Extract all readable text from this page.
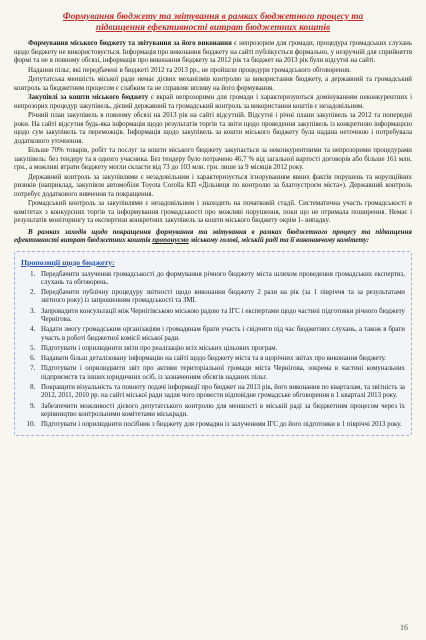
Формування бюджету та звітування в рамках бюджетного процесу та
підвищення ефективності витрат бюджетних коштів

Формування міського бюджету та звітування за його виконання є непрозорим для громади, процедура громадських слухань щодо бюджету не використовується. Інформація про виконання бюджету на сайті публікується формально, у незручній для сприйняття формі та не в повному обсязі, інформація про виконання бюджету за 2012 рік та бюджет на 2013 рік були відсутні на сайті.

Надання пільг, які передбачені в бюджеті 2012 та 2013 рр., не пройшли процедури громадського обговорення.

Депутатська меншість міської ради немає дієвих механізмів контролю за використання бюджету, а державний та громадський контроль за бюджетним процесом є слабким та не справляє впливу на його формування.

Закупівлі за кошти міського бюджету є вкрай непрозорими для громади і характеризуються домінуванням неконкурентних і непрозорих процедур закупівель, дієвий державний та громадський контроль за використання коштів є незадовільним.

Річний план закупівель в повному обсязі на 2013 рік на сайті відсутній. Відсутні і річні плани закупівель за 2012 та попередні роки. На сайті відсутня будь-яка інформація щодо результатів торгів та звіти щодо проведення закупівель із конкретною інформацією щодо сум закупівель та переможців. Інформація щодо закупівель за кошти міського бюджету була надана неточною і потребувала додаткового уточнення.

Більше 70% товарів, робіт та послуг за кошти міського бюджету закупається за неконкурентними та непрозорими процедурами закупівель: без тендеру та в одного учасника. Без тендеру було потрачено 46,7 % від загальної вартості договорів або більше 161 млн. грн., а можливі втрати бюджету могли скласти від 73 до 103 млн. грн. лише за 9 місяців 2012 року.

Державний контроль за закупівлями є незадовільним і характеризується ігноруванням явних фактів порушень та корупційних ризиків (наприклад, закупівля автомобіля Toyota Corolla КП «Дільниця по контролю за благоустроєм міста»). Державний контроль потребує додаткового вивчення та покращення.

Громадський контроль за закупівлями є незадовільним і знаходить на початковій стадії. Систематична участь громадськості в комітетах з конкурсних торгів та інформування громадськості про можливі порушення, поки що не отримала поширення. Немає і результатів моніторингу та експертизи конкретних закупівель за кошти міського бюджету окрім 1- випадку.

В рамках заходів щодо покращення формування та звітування в рамках бюджетного процесу та підвищення ефективності витрат бюджетних коштів пропонуємо міському голові, міській раді та її виконавчому комітету:

Пропозиції щодо бюджету:
1. Передбачити залучення громадськості до формування річного бюджету міста шляхом проведення громадських експертиз, слухань та обговорень.
2. Передбачити публічну процедуру звітності щодо виконання бюджету 2 рази на рік (за 1 півріччя та за результатами звітного року) із запрошенням громадськості та ЗМІ.
3. Запровадити консультації між Чернігівською міською радою та ІГС і експертами щодо частині підготовки річного бюджету Чернігова.
4. Надати змогу громадським організаціям і громадянам брати участь і свідчити під час бюджетних слухань, а також в брати участь в роботі бюджетної комісії міської ради.
5. Підготувати і оприлюднити звіти про реалізацію всіх міських цільових програм.
6. Надавати більш деталізовану інформацію на сайті щодо бюджету міста та в щорічних звітах про виконання бюджету.
7. Підготувати і оприлюднити звіт про активи територіальної громади міста Чернігова, зокрема в частині комунальних підприємств та інших юридичних осіб, із зазначенням обсягів наданих пільг.
8. Покращити візуальність та повноту подачі інформації про бюджет на 2013 рік, його виконання по кварталам, та звітність за 2012, 2011, 2010 рр. на сайті міської ради задля чого провести відповідне громадське обговорення в 1 кварталі 2013 року.
9. Забезпечити можливості дієвого депутатського контролю для меншості в міській раді за бюджетним процесом через їх керівництво контрольними комітетами міськради.
10. Підготувати і оприлюднити посібник з бюджету для громадян із залученням ІГС до його підготовки в 1 півріччі 2013 року.
16
